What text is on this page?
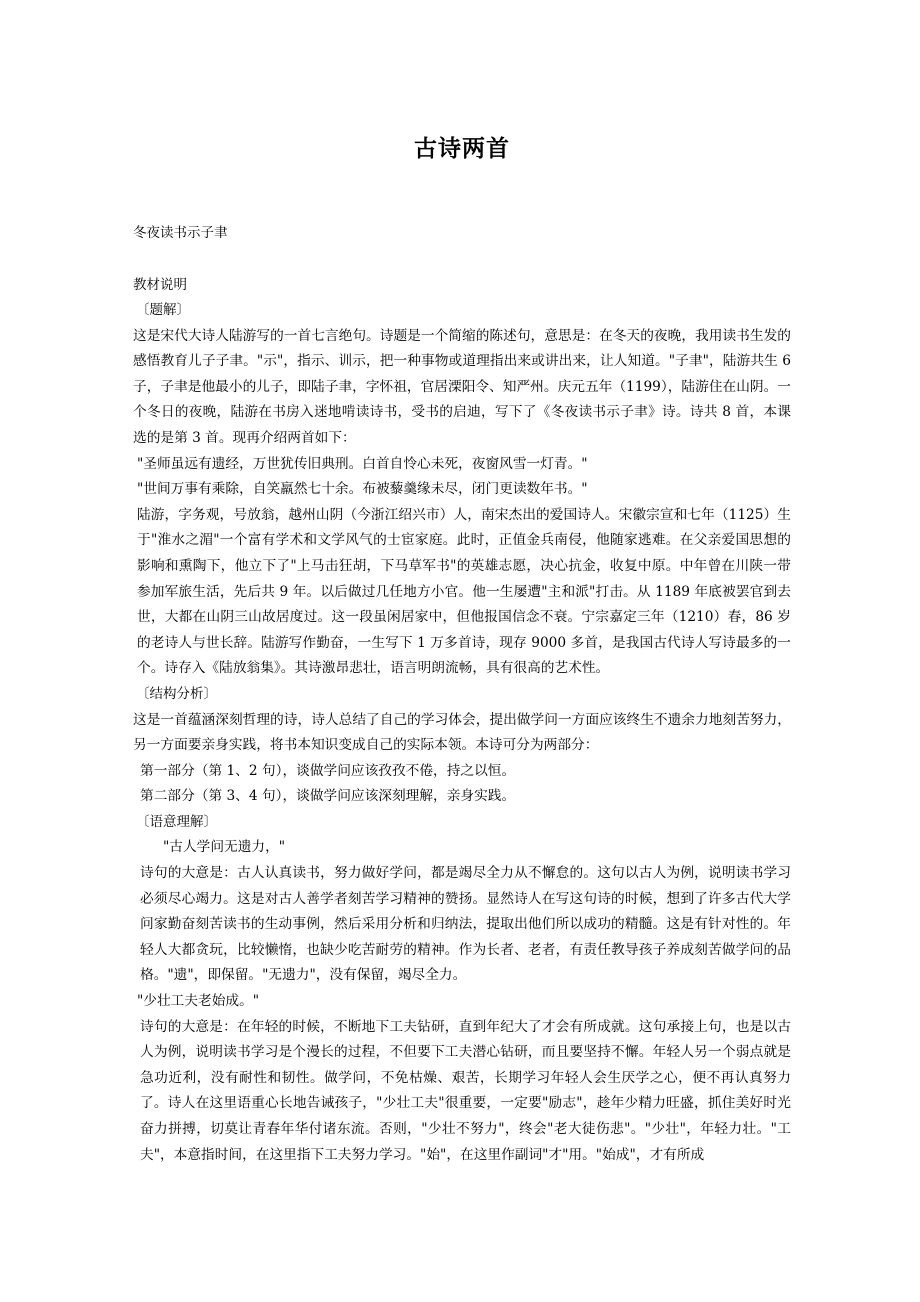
古诗两首

冬夜读书示子聿

教材说明

〔题解〕

这是宋代大诗人陆游写的一首七言绝句。诗题是一个简缩的陈述句，意思是：在冬天的夜晚，我用读书生发的感悟教育儿子子聿。"示"，指示、训示，把一种事物或道理指出来或讲出来，让人知道。"子聿"，陆游共生 6 子，子聿是他最小的儿子，即陆子聿，字怀祖，官居溧阳令、知严州。庆元五年（1199），陆游住在山阴。一个冬日的夜晚，陆游在书房入迷地啃读诗书，受书的启迪，写下了《冬夜读书示子聿》诗。诗共 8 首，本课选的是第 3 首。现再介绍两首如下：

"圣师虽远有遗经，万世犹传旧典刑。白首自怜心未死，夜窗风雪一灯青。"

"世间万事有乘除，自笑羸然七十余。布被藜羹缘未尽，闭门更读数年书。"

陆游，字务观，号放翁，越州山阴（今浙江绍兴市）人，南宋杰出的爱国诗人。宋徽宗宣和七年（1125）生于"淮水之湄"一个富有学术和文学风气的士宦家庭。此时，正值金兵南侵，他随家逃难。在父亲爱国思想的影响和熏陶下，他立下了"上马击狂胡，下马草军书"的英雄志愿，决心抗金，收复中原。中年曾在川陕一带参加军旅生活，先后共 9 年。以后做过几任地方小官。他一生屡遭"主和派"打击。从 1189 年底被罢官到去世，大都在山阴三山故居度过。这一段虽闲居家中，但他报国信念不衰。宁宗嘉定三年（1210）春，86 岁的老诗人与世长辞。陆游写作勤奋，一生写下 1 万多首诗，现存 9000 多首，是我国古代诗人写诗最多的一个。诗存入《陆放翁集》。其诗激昂悲壮，语言明朗流畅，具有很高的艺术性。

〔结构分析〕

这是一首蕴涵深刻哲理的诗，诗人总结了自己的学习体会，提出做学问一方面应该终生不遗余力地刻苦努力，另一方面要亲身实践，将书本知识变成自己的实际本领。本诗可分为两部分：

第一部分（第 1、2 句），谈做学问应该孜孜不倦，持之以恒。

第二部分（第 3、4 句），谈做学问应该深刻理解，亲身实践。

〔语意理解〕

"古人学问无遗力，"

诗句的大意是：古人认真读书，努力做好学问，都是竭尽全力从不懈怠的。这句以古人为例，说明读书学习必须尽心竭力。这是对古人善学者刻苦学习精神的赞扬。显然诗人在写这句诗的时候，想到了许多古代大学问家勤奋刻苦读书的生动事例，然后采用分析和归纳法，提取出他们所以成功的精髓。这是有针对性的。年轻人大都贪玩，比较懒惰，也缺少吃苦耐劳的精神。作为长者、老者，有责任教导孩子养成刻苦做学问的品格。"遗"，即保留。"无遗力"，没有保留，竭尽全力。

"少壮工夫老始成。"

诗句的大意是：在年轻的时候，不断地下工夫钻研，直到年纪大了才会有所成就。这句承接上句，也是以古人为例，说明读书学习是个漫长的过程，不但要下工夫潜心钻研，而且要坚持不懈。年轻人另一个弱点就是急功近利，没有耐性和韧性。做学问，不免枯燥、艰苦，长期学习年轻人会生厌学之心，便不再认真努力了。诗人在这里语重心长地告诫孩子，"少壮工夫"很重要，一定要"励志"，趁年少精力旺盛，抓住美好时光奋力拼搏，切莫让青春年华付诸东流。否则，"少壮不努力"，终会"老大徒伤悲"。"少壮"，年轻力壮。"工夫"，本意指时间，在这里指下工夫努力学习。"始"，在这里作副词"才"用。"始成"，才有所成
